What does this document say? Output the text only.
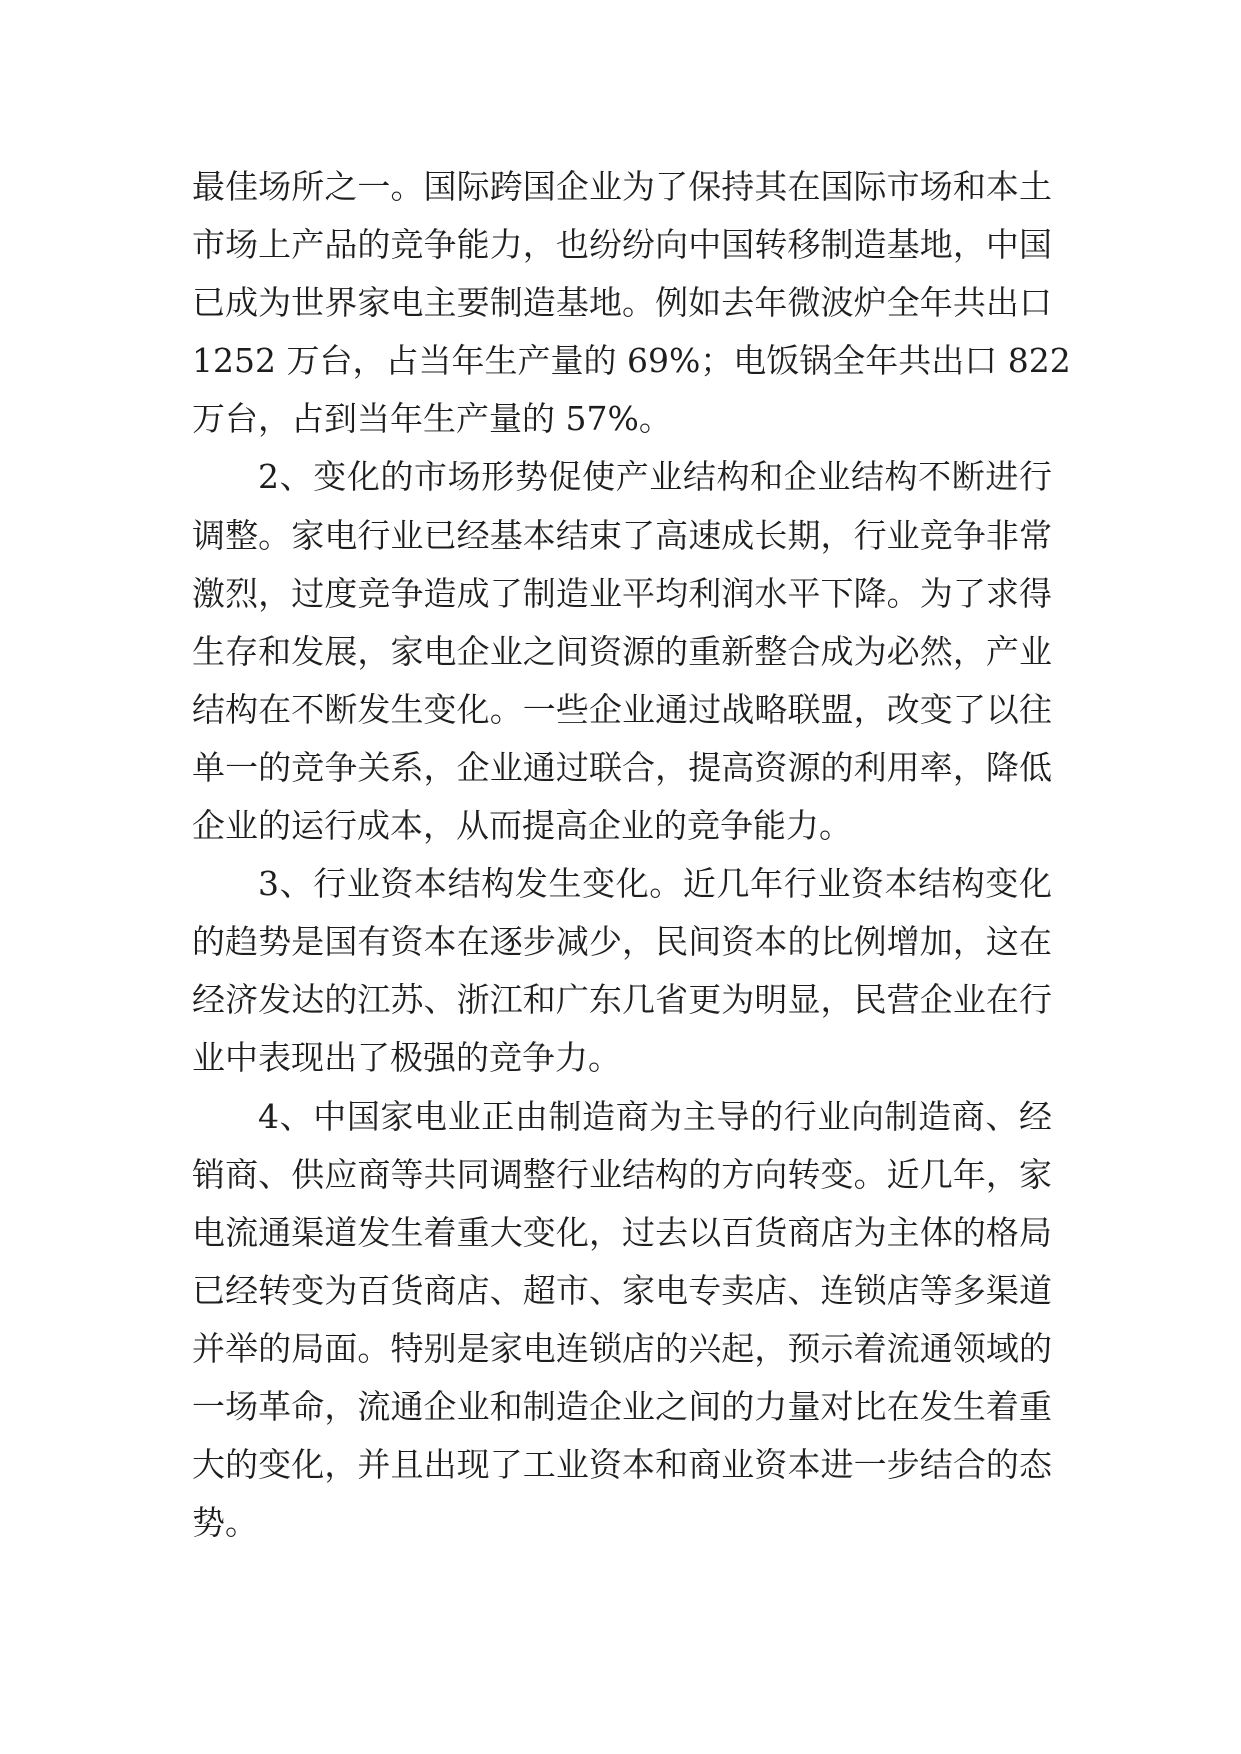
最佳场所之一。国际跨国企业为了保持其在国际市场和本土
市场上产品的竞争能力，也纷纷向中国转移制造基地，中国
已成为世界家电主要制造基地。例如去年微波炉全年共出口
1252 万台，占当年生产量的 69%；电饭锅全年共出口 822
万台，占到当年生产量的 57%。
2、变化的市场形势促使产业结构和企业结构不断进行
调整。家电行业已经基本结束了高速成长期，行业竞争非常
激烈，过度竞争造成了制造业平均利润水平下降。为了求得
生存和发展，家电企业之间资源的重新整合成为必然，产业
结构在不断发生变化。一些企业通过战略联盟，改变了以往
单一的竞争关系，企业通过联合，提高资源的利用率，降低
企业的运行成本，从而提高企业的竞争能力。
3、行业资本结构发生变化。近几年行业资本结构变化
的趋势是国有资本在逐步减少，民间资本的比例增加，这在
经济发达的江苏、浙江和广东几省更为明显，民营企业在行
业中表现出了极强的竞争力。
4、中国家电业正由制造商为主导的行业向制造商、经
销商、供应商等共同调整行业结构的方向转变。近几年，家
电流通渠道发生着重大变化，过去以百货商店为主体的格局
已经转变为百货商店、超市、家电专卖店、连锁店等多渠道
并举的局面。特别是家电连锁店的兴起，预示着流通领域的
一场革命，流通企业和制造企业之间的力量对比在发生着重
大的变化，并且出现了工业资本和商业资本进一步结合的态
势。
